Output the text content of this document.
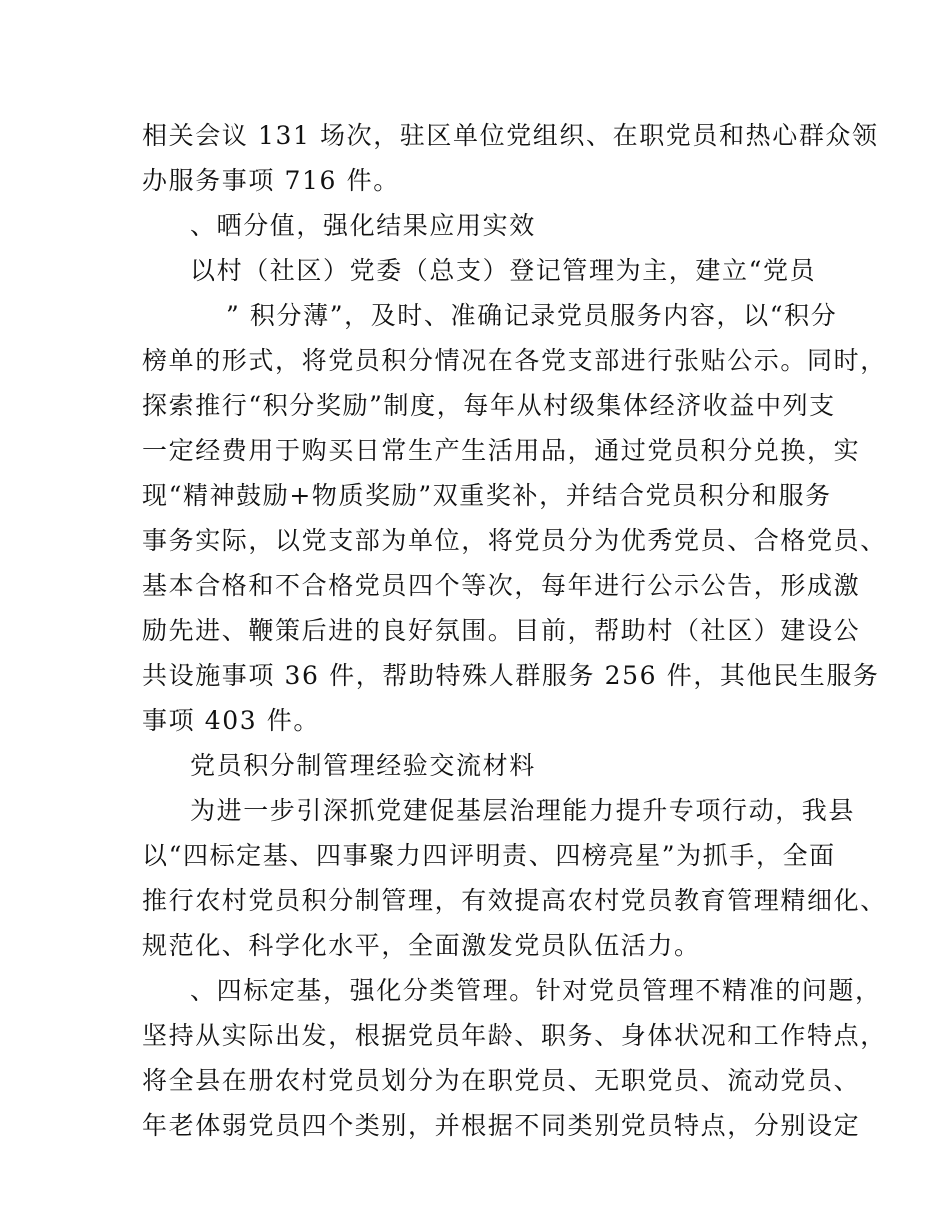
相关会议 131 场次，驻区单位党组织、在职党员和热心群众领
办服务事项 716 件。
、晒分值，强化结果应用实效
以村（社区）党委（总支）登记管理为主，建立“党员
” 积分薄”，及时、准确记录党员服务内容，以“积分
榜单的形式，将党员积分情况在各党支部进行张贴公示。同时，
探索推行“积分奖励”制度，每年从村级集体经济收益中列支
一定经费用于购买日常生产生活用品，通过党员积分兑换，实
现“精神鼓励+物质奖励”双重奖补，并结合党员积分和服务
事务实际，以党支部为单位，将党员分为优秀党员、合格党员、
基本合格和不合格党员四个等次，每年进行公示公告，形成激
励先进、鞭策后进的良好氛围。目前，帮助村（社区）建设公
共设施事项 36 件，帮助特殊人群服务 256 件，其他民生服务
事项 403 件。
党员积分制管理经验交流材料
为进一步引深抓党建促基层治理能力提升专项行动，我县
以“四标定基、四事聚力四评明责、四榜亮星”为抓手，全面
推行农村党员积分制管理，有效提高农村党员教育管理精细化、
规范化、科学化水平，全面激发党员队伍活力。
、四标定基，强化分类管理。针对党员管理不精准的问题，
坚持从实际出发，根据党员年龄、职务、身体状况和工作特点，
将全县在册农村党员划分为在职党员、无职党员、流动党员、
年老体弱党员四个类别，并根据不同类别党员特点，分别设定
